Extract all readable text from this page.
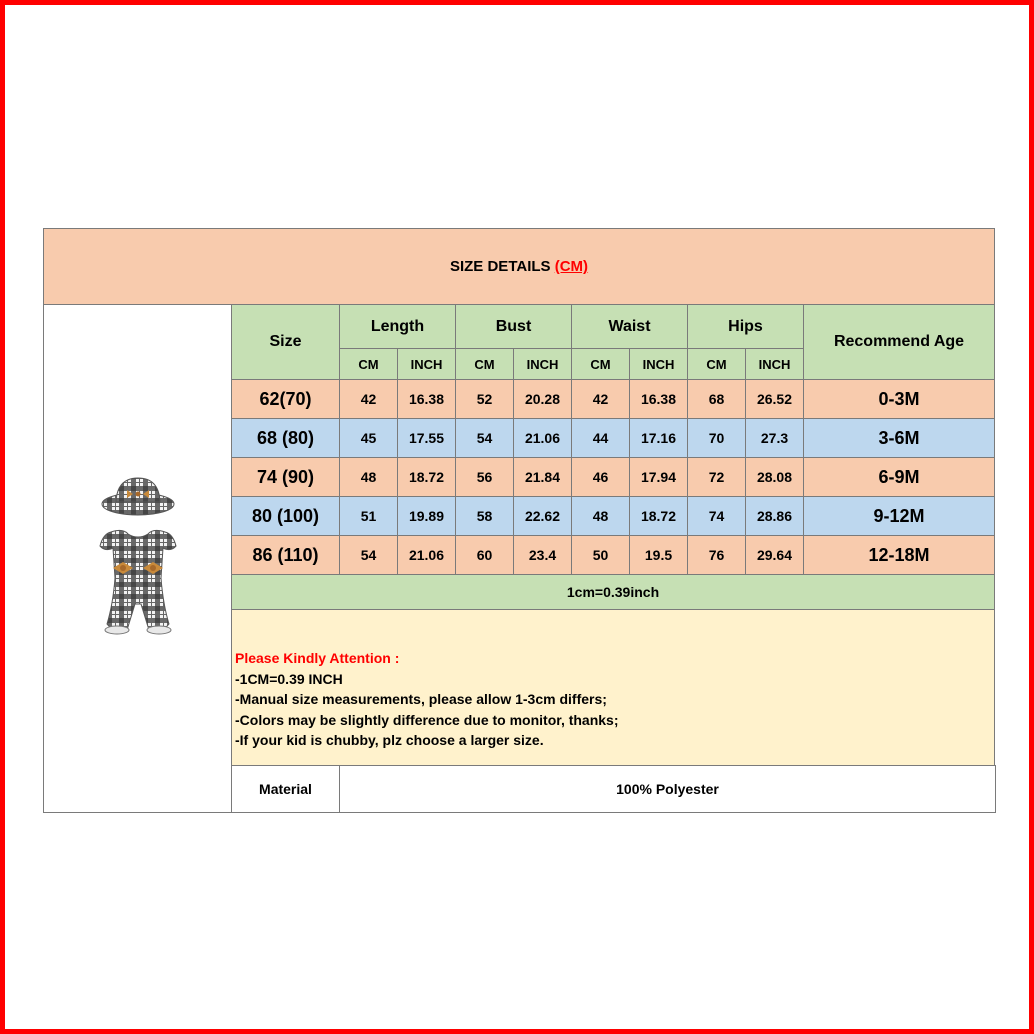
SIZE DETAILS (CM)										

	Size	Length		Bust		Waist		Hips		Recommend Age
		CM	INCH	CM	INCH	CM	INCH	CM	INCH	
	62(70)	42	16.38	52	20.28	42	16.38	68	26.52	0-3M
	68 (80)	45	17.55	54	21.06	44	17.16	70	27.3	3-6M
	74 (90)	48	18.72	56	21.84	46	17.94	72	28.08	6-9M
	80 (100)	51	19.89	58	22.62	48	18.72	74	28.86	9-12M
	86 (110)	54	21.06	60	23.4	50	19.5	76	29.64	12-18M
	1cm=0.39inch									

	Please Kindly Attention :
-1CM=0.39 INCH
-Manual size measurements, please allow 1-3cm differs;
-Colors may be slightly difference due to monitor, thanks;
-If your kid is chubby, plz choose a larger size.									

	Material	100% Polyester								
